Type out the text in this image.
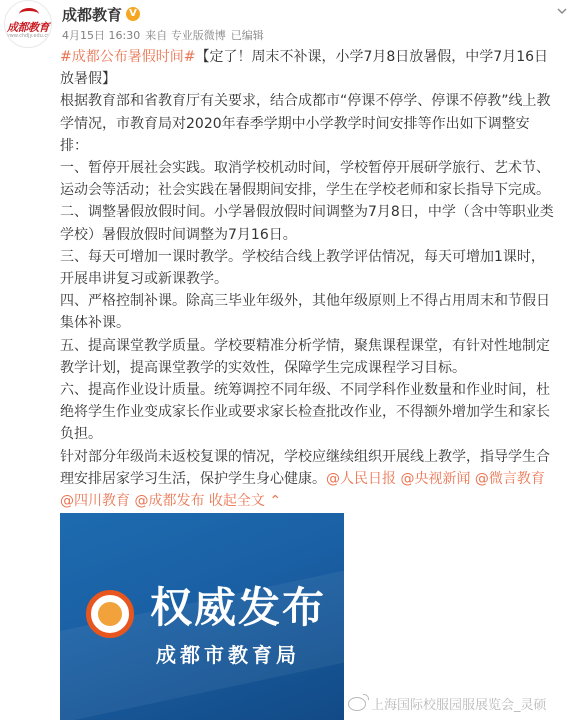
成都教育
www.chdjy.edu.cn
成都教育 V
4月15日 16:30 来自 专业版微博 已编辑

#成都公布暑假时间#【定了！周末不补课，小学7月8日放暑假，中学7月16日放暑假】

根据教育部和省教育厅有关要求，结合成都市“停课不停学、停课不停教”线上教学情况，市教育局对2020年春季学期中小学教学时间安排等作出如下调整安排：

一、暂停开展社会实践。取消学校机动时间，学校暂停开展研学旅行、艺术节、运动会等活动；社会实践在暑假期间安排，学生在学校老师和家长指导下完成。

二、调整暑假放假时间。小学暑假放假时间调整为7月8日，中学（含中等职业类学校）暑假放假时间调整为7月16日。

三、每天可增加一课时教学。学校结合线上教学评估情况，每天可增加1课时，开展串讲复习或新课教学。

四、严格控制补课。除高三毕业年级外，其他年级原则上不得占用周末和节假日集体补课。

五、提高课堂教学质量。学校要精准分析学情，聚焦课程课堂，有针对性地制定教学计划，提高课堂教学的实效性，保障学生完成课程学习目标。

六、提高作业设计质量。统筹调控不同年级、不同学科作业数量和作业时间，杜绝将学生作业变成家长作业或要求家长检查批改作业，不得额外增加学生和家长负担。

针对部分年级尚未返校复课的情况，学校应继续组织开展线上教学，指导学生合理安排居家学习生活，保护学生身心健康。@人民日报 @央视新闻 @微言教育 @四川教育 @成都发布 收起全文 ⌃

权威发布
成都市教育局
上海国际校服园服展览会_灵硕
